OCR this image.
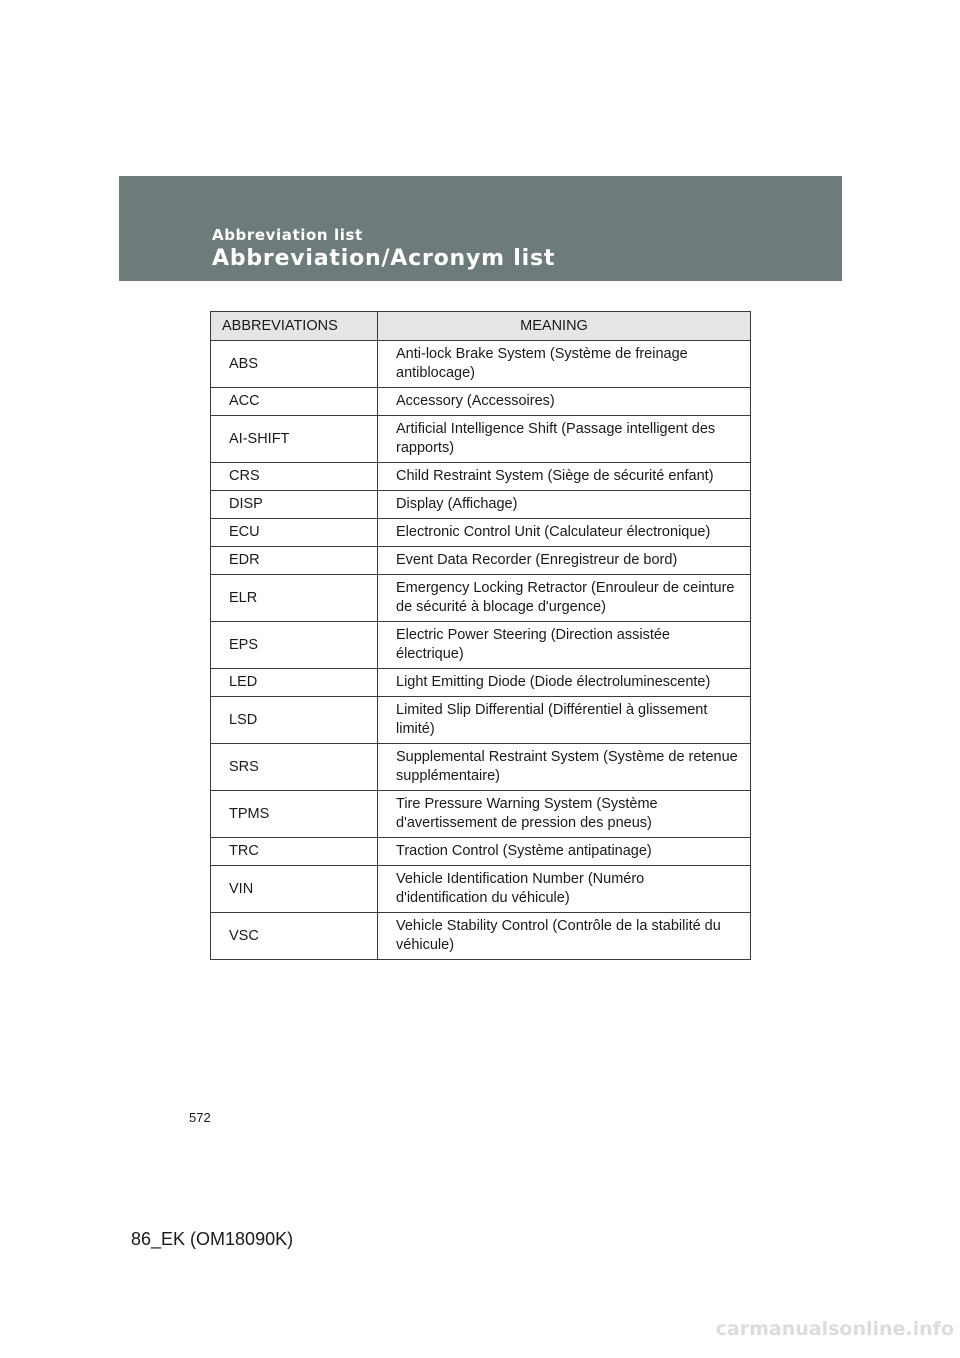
Abbreviation list
Abbreviation/Acronym list
ABBREVIATIONS	MEANING
ABS	Anti-lock Brake System (Système de freinage antiblocage)
ACC	Accessory (Accessoires)
AI-SHIFT	Artificial Intelligence Shift (Passage intelligent des rapports)
CRS	Child Restraint System (Siège de sécurité enfant)
DISP	Display (Affichage)
ECU	Electronic Control Unit (Calculateur électronique)
EDR	Event Data Recorder (Enregistreur de bord)
ELR	Emergency Locking Retractor (Enrouleur de ceinture de sécurité à blocage d'urgence)
EPS	Electric Power Steering (Direction assistée électrique)
LED	Light Emitting Diode (Diode électroluminescente)
LSD	Limited Slip Differential (Différentiel à glissement limité)
SRS	Supplemental Restraint System (Système de retenue supplémentaire)
TPMS	Tire Pressure Warning System (Système d'avertissement de pression des pneus)
TRC	Traction Control (Système antipatinage)
VIN	Vehicle Identification Number (Numéro d'identification du véhicule)
VSC	Vehicle Stability Control (Contrôle de la stabilité du véhicule)
572
86_EK (OM18090K)
carmanualsonline.info
